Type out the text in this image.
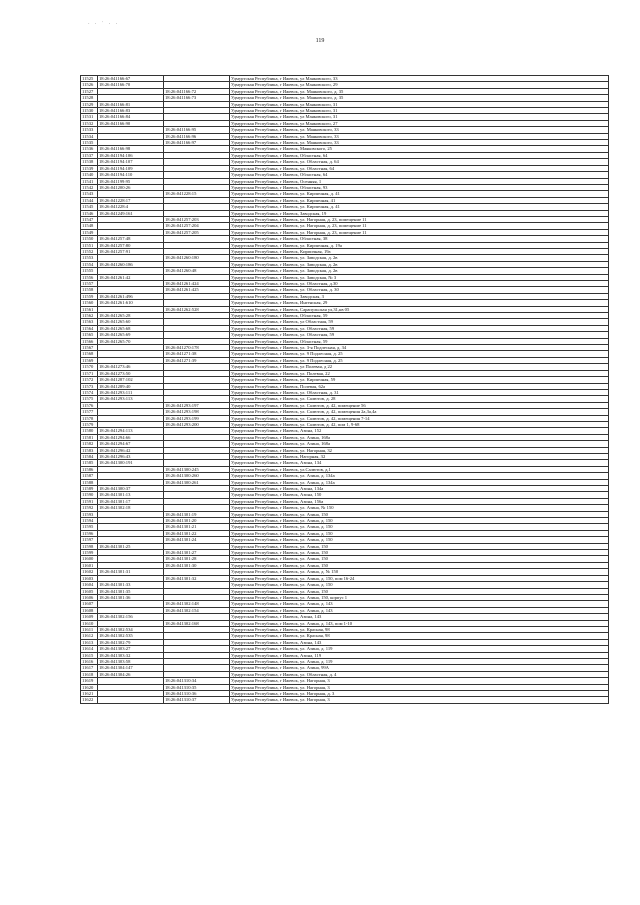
· · ˙ · ·
119
11525	18:26:041166:67		Удмуртская Республика, г Ижевск, ул Маяковского, 33
11526	18:26:041166:70		Удмуртская Республика, г Ижевск, ул Маяковского, 29
11527		18:26:041166:72	Удмуртская Республика, г Ижевск, ул. Маяковского, д. 35
11528		18:26:041166:73	Удмуртская Республика, г Ижевск, ул. Маяковского, д. 35
11529	18:26:041166:81		Удмуртская Республика, г Ижевск, ул Маяковского, 31
11530	18:26:041166:83		Удмуртская Республика, г Ижевск, ул Маяковского, 31
11531	18:26:041166:84		Удмуртская Республика, г Ижевск, ул Маяковского, 31
11532	18:26:041166:90		Удмуртская Республика, г Ижевск, ул Маяковского, 27
11533		18:26:041166:95	Удмуртская Республика, г Ижевск, ул. Маяковского, 33
11534		18:26:041166:96	Удмуртская Республика, г Ижевск, ул. Маяковского, 33
11535		18:26:041166:97	Удмуртская Республика, г Ижевск, ул. Маяковского, 33
11536	18:26:041166:98		Удмуртская Республика, г Ижевск, Маяковского, 25
11537	18:26:041194:106		Удмуртская Республика, г Ижевск, Областная, 64
11538	18:26:041194:107		Удмуртская Республика, г Ижевск, ул. Областная, д. 64
11539	18:26:041194:109		Удмуртская Республика, г Ижевск, ул. Областная, 64
11540	18:26:041194:110		Удмуртская Республика, г Ижевск, Областная, 64
11541	18:26:041199:95		Удмуртская Республика, г Ижевск, Осенняя, 1
11542	18:26:041200:26		Удмуртская Республика, г Ижевск, Областная, 93
11543		18:26:041228:15	Удмуртская Республика, г Ижевск, ул. Кирпичная, д. 41
11544	18:26:041228:17		Удмуртская Республика, г Ижевск, ул. Кирпичная, 41
11545	18:26:041228:4		Удмуртская Республика, г Ижевск, ул. Кирпичная, д. 41
11546	18:26:041249:161		Удмуртская Республика, г Ижевск, Заводская, 19
11547		18:26:041257:203	Удмуртская Республика, г Ижевск, ул. Нагорная, д. 23, помещение 11
11548		18:26:041257:204	Удмуртская Республика, г Ижевск, ул. Нагорная, д. 23, помещение 11
11549		18:26:041257:205	Удмуртская Республика, г Ижевск, ул. Нагорная, д. 23, помещение 11
11550	18:26:041257:48		Удмуртская Республика, г Ижевск, Областная, 38
11551	18:26:041257:80		Удмуртская Республика, г Ижевск, ул. Кирпичная, д. 19а
11552	18:26:041257:91		Удмуртская Республика, г Ижевск, Кирпичная, 19а
11553		18:26:041260:180	Удмуртская Республика, г Ижевск, ул. Заводская, д. 2в
11554	18:26:041260:186		Удмуртская Республика, г Ижевск, ул. Заводская, д. 2в
11555		18:26:041260:48	Удмуртская Республика, г Ижевск, ул. Заводская, д. 2в
11556	18:26:041261:42		Удмуртская Республика, г Ижевск, ул. Заводская, № 3
11557		18:26:041261:424	Удмуртская Республика, г Ижевск, ул. Областная, д.30
11558		18:26:041261:425	Удмуртская Республика, г Ижевск, ул. Областная, д. 30
11559	18:26:041261:496		Удмуртская Республика, г Ижевск, Заводская, 3
11560	18:26:041261:610		Удмуртская Республика, г Ижевск, Ингенская, 29
11561		18:26:041262:528	Удмуртская Республика, г Ижевск, Сарапульская ул,31,кв 05
11562	18:26:041265:28		Удмуртская Республика, г Ижевск, Областная, 59
11563	18:26:041265:60		Удмуртская Республика, г Ижевск, ул Областная, 59
11564	18:26:041265:68		Удмуртская Республика, г Ижевск, ул. Областная, 59
11565	18:26:041265:69		Удмуртская Республика, г Ижевск, ул. Областная, 59
11566	18:26:041265:70		Удмуртская Республика, г Ижевск, Областная, 59
11567		18:26:041270:178	Удмуртская Республика, г Ижевск, ул. 3-я Подлесная, д. 34
11568		18:26:041271:38	Удмуртская Республика, г Ижевск, ул. 9 Подлесная, д. 25
11569		18:26:041271:39	Удмуртская Республика, г Ижевск, ул. 9 Подлесная, д. 25
11570	18:26:041273:46		Удмуртская Республика, г Ижевск, ул Полевая, д 22
11571	18:26:041273:50		Удмуртская Республика, г Ижевск, ул. Полевая, 22
11572	18:26:041287:102		Удмуртская Республика, г Ижевск, ул. Кирпичная, 59
11573	18:26:041289:40		Удмуртская Республика, г Ижевск, Полевая, 62а
11574	18:26:041293:111		Удмуртская Республика, г Ижевск, ул. Областная, д. 31
11575	18:26:041293:113		Удмуртская Республика, г Ижевск, ул. Салютов, д. 28
11576		18:26:041293:197	Удмуртская Республика, г Ижевск, ул. Салютов, д. 42, помещение 56
11577		18:26:041293:198	Удмуртская Республика, г Ижевск, ул. Салютов, д. 42, помещения 2а,3а,4а
11578		18:26:041293:199	Удмуртская Республика, г Ижевск, ул. Салютов, д. 42, помещения 7-14
11579		18:26:041293:200	Удмуртская Республика, г Ижевск, ул. Салютов, д. 42, пом 1, 9-68
11580	18:26:041294:113		Удмуртская Республика, г Ижевск, Азина, 152
11581	18:26:041294:66		Удмуртская Республика, г Ижевск, ул. Азина, 168а
11582	18:26:041294:67		Удмуртская Республика, г Ижевск, ул. Азина, 168а
11583	18:26:041296:42		Удмуртская Республика, г Ижевск, ул. Нагорная, 32
11584	18:26:041296:43		Удмуртская Республика, г Ижевск, Нагорная, 32
11585	18:26:041300:191		Удмуртская Республика, г Ижевск, Азина, 134
11586		18:26:041300:245	Удмуртская Республика, г Ижевск, ул.Салютов, д.1
11587		18:26:041300:260	Удмуртская Республика, г Ижевск, ул. Азина, д. 134а
11588		18:26:041300:261	Удмуртская Республика, г Ижевск, ул. Азина, д. 134а
11589	18:26:041300:37		Удмуртская Республика, г Ижевск, Азина, 134а
11590	18:26:041301:13		Удмуртская Республика, г Ижевск, Азина, 150
11591	18:26:041301:17		Удмуртская Республика, г Ижевск, Азина, 156а
11592	18:26:041302:18		Удмуртская Республика, г Ижевск, ул. Азина, № 150
11593		18:26:041301:19	Удмуртская Республика, г Ижевск, ул. Азина, 150
11594		18:26:041301:20	Удмуртская Республика, г Ижевск, ул. Азина, д. 150
11595		18:26:041301:21	Удмуртская Республика, г Ижевск, ул. Азина, д. 150
11596		18:26:041301:22	Удмуртская Республика, г Ижевск, ул. Азина, д. 150
11597		18:26:041301:24	Удмуртская Республика, г Ижевск, ул. Азина, д. 150
11598	18:26:041301:25		Удмуртская Республика, г Ижевск, ул. Азина, 150
11599		18:26:041301:27	Удмуртская Республика, г Ижевск, ул. Азина, 150
11600		18:26:041301:28	Удмуртская Республика, г Ижевск, ул. Азина, 150
11601		18:26:041301:30	Удмуртская Республика, г Ижевск, ул. Азина, 150
11602	18:26:041301:31		Удмуртская Республика, г Ижевск, ул. Азина, д. № 150
11603		18:26:041301:32	Удмуртская Республика, г Ижевск, ул. Азина, д. 150, пом 16-24
11604	18:26:041301:33		Удмуртская Республика, г Ижевск, ул. Азина, д. 150
11605	18:26:041301:35		Удмуртская Республика, г Ижевск, ул. Азина, 150
11606	18:26:041301:36		Удмуртская Республика, г Ижевск, ул. Азина, 150, корпус 1
11607		18:26:041302:148	Удмуртская Республика, г Ижевск, ул. Азина, д. 143
11608		18:26:041302:154	Удмуртская Республика, г Ижевск, ул. Азина, д. 143
11609	18:26:041302:156		Удмуртская Республика, г Ижевск, Азина, 143
11610		18:26:041302:168	Удмуртская Республика, г Ижевск, ул. Азина, д. 143, пом 1-10
11611	18:26:041302:534		Удмуртская Республика, г Ижевск, ул. Красная, 98
11612	18:26:041302:535		Удмуртская Республика, г Ижевск, ул. Красная, 98
11613	18:26:041302:79		Удмуртская Республика, г Ижевск, Азина, 143
11614	18:26:041303:27		Удмуртская Республика, г Ижевск, ул. Азина, д. 119
11615	18:26:041303:32		Удмуртская Республика, г Ижевск, Азина, 119
11616	18:26:041303:58		Удмуртская Республика, г Ижевск, ул. Азина, д. 119
11617	18:26:041304:147		Удмуртская Республика, г Ижевск, ул. Азина, 99А
11618	18:26:041304:26		Удмуртская Республика, г Ижевск, ул. Областная, д. 4
11619		18:26:041310:34	Удмуртская Республика, г Ижевск, ул. Нагорная, 3
11620		18:26:041310:35	Удмуртская Республика, г Ижевск, ул. Нагорная, 3
11621		18:26:041310:36	Удмуртская Республика, г Ижевск, ул. Нагорная, д. 3
11622		18:26:041310:37	Удмуртская Республика, г Ижевск, ул. Нагорная, 3
